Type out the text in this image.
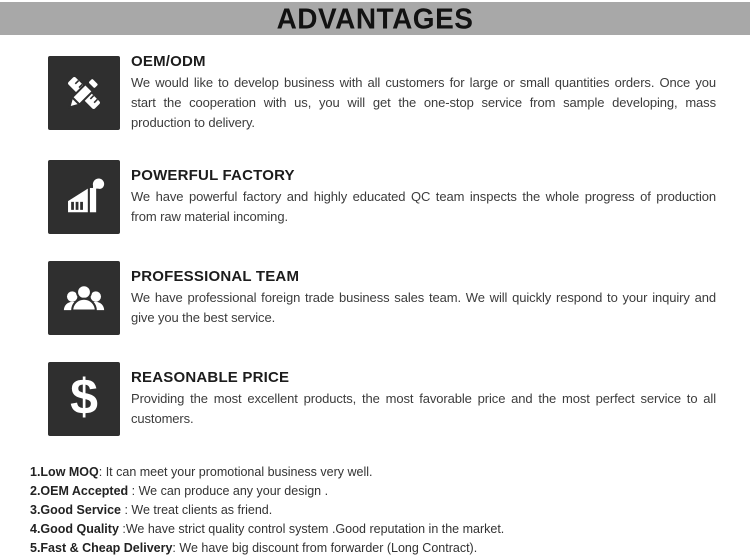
ADVANTAGES
OEM/ODM

We would like to develop business with all customers for large or small quantities orders. Once you start the cooperation with us, you will get the one-stop service from sample developing, mass production to delivery.

POWERFUL FACTORY

We have powerful factory and highly educated QC team inspects the whole progress of production from raw material incoming.

PROFESSIONAL TEAM

We have professional foreign trade business sales team. We will quickly respond to your inquiry and give you the best service.

$ REASONABLE PRICE

Providing the most excellent products, the most favorable price and the most perfect service to all customers.

1.Low MOQ: It can meet your promotional business very well.
2.OEM Accepted : We can produce any your design .
3.Good Service : We treat clients as friend.
4.Good Quality :We have strict quality control system .Good reputation in the market.
5.Fast & Cheap Delivery: We have big discount from forwarder (Long Contract).
